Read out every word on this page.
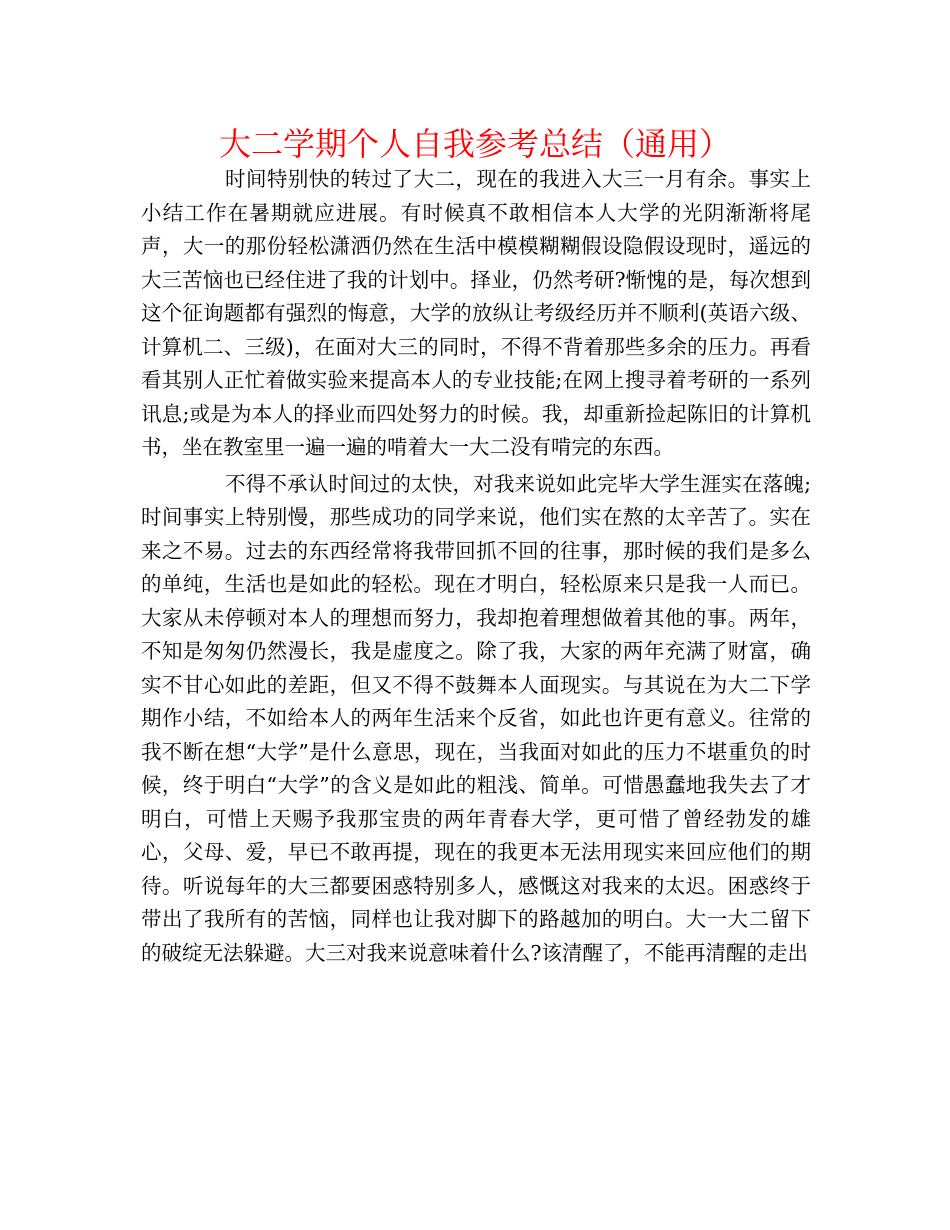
大二学期个人自我参考总结（通用）

时间特别快的转过了大二，现在的我进入大三一月有余。事实上小结工作在暑期就应进展。有时候真不敢相信本人大学的光阴渐渐将尾声，大一的那份轻松潇洒仍然在生活中模模糊糊假设隐假设现时，遥远的大三苦恼也已经住进了我的计划中。择业，仍然考研?惭愧的是，每次想到这个征询题都有强烈的悔意，大学的放纵让考级经历并不顺利(英语六级、计算机二、三级)，在面对大三的同时，不得不背着那些多余的压力。再看看其别人正忙着做实验来提高本人的专业技能;在网上搜寻着考研的一系列讯息;或是为本人的择业而四处努力的时候。我，却重新捡起陈旧的计算机书，坐在教室里一遍一遍的啃着大一大二没有啃完的东西。

不得不承认时间过的太快，对我来说如此完毕大学生涯实在落魄;时间事实上特别慢，那些成功的同学来说，他们实在熬的太辛苦了。实在来之不易。过去的东西经常将我带回抓不回的往事，那时候的我们是多么的单纯，生活也是如此的轻松。现在才明白，轻松原来只是我一人而已。大家从未停顿对本人的理想而努力，我却抱着理想做着其他的事。两年，不知是匆匆仍然漫长，我是虚度之。除了我，大家的两年充满了财富，确实不甘心如此的差距，但又不得不鼓舞本人面现实。与其说在为大二下学期作小结，不如给本人的两年生活来个反省，如此也许更有意义。往常的我不断在想“大学”是什么意思，现在，当我面对如此的压力不堪重负的时候，终于明白“大学”的含义是如此的粗浅、简单。可惜愚蠢地我失去了才明白，可惜上天赐予我那宝贵的两年青春大学，更可惜了曾经勃发的雄心，父母、爱，早已不敢再提，现在的我更本无法用现实来回应他们的期待。听说每年的大三都要困惑特别多人，感慨这对我来的太迟。困惑终于带出了我所有的苦恼，同样也让我对脚下的路越加的明白。大一大二留下的破绽无法躲避。大三对我来说意味着什么?该清醒了，不能再清醒的走出
